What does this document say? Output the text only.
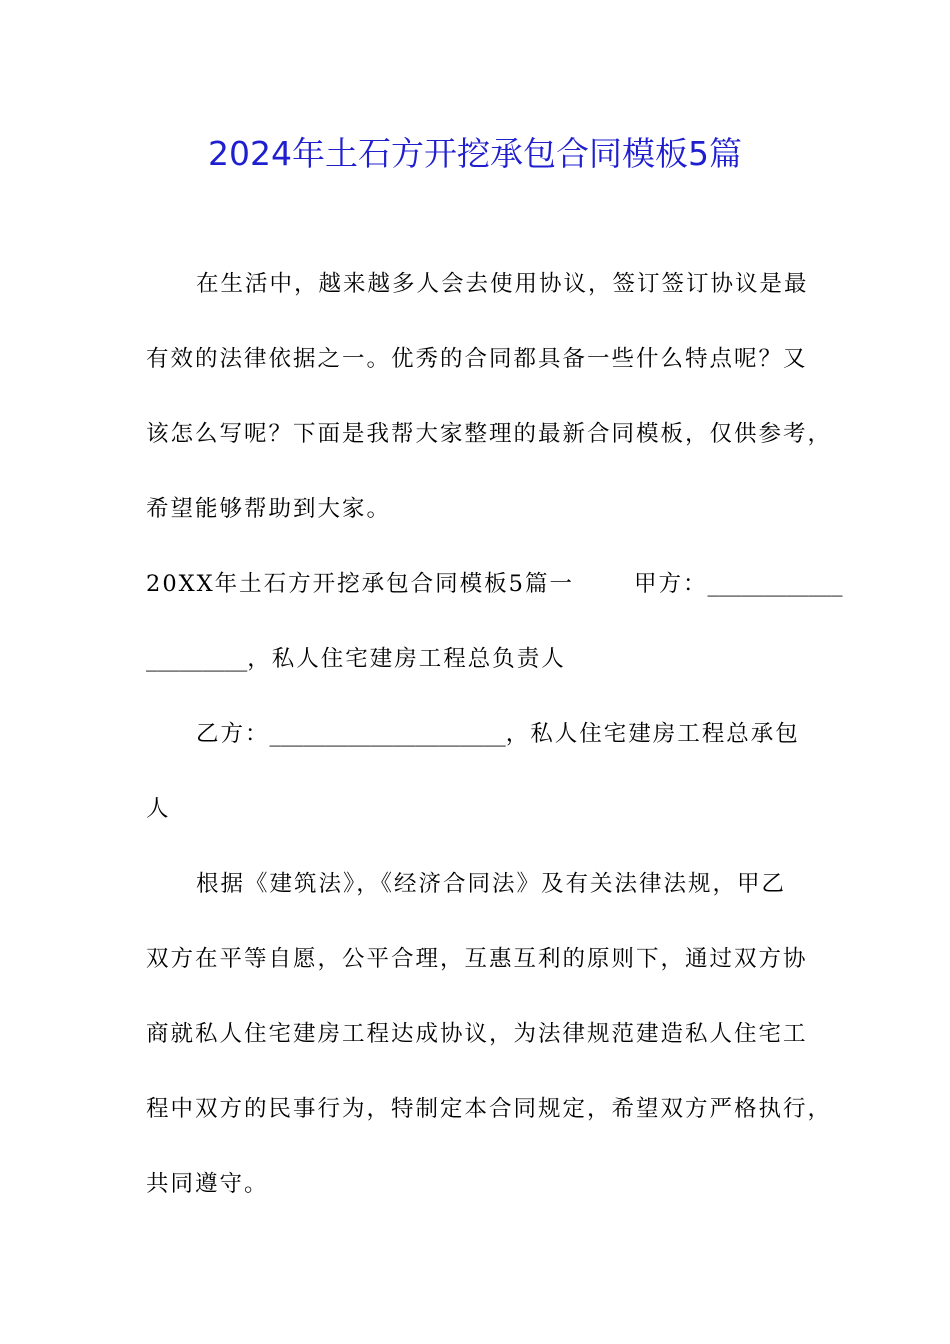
2024年土石方开挖承包合同模板5篇
在生活中，越来越多人会去使用协议，签订签订协议是最
有效的法律依据之一。优秀的合同都具备一些什么特点呢？又
该怎么写呢？下面是我帮大家整理的最新合同模板，仅供参考，
希望能够帮助到大家。
20XX年土石方开挖承包合同模板5篇一	甲方：____________
_________，私人住宅建房工程总负责人
乙方：_____________________，私人住宅建房工程总承包
人
根据《建筑法》，《经济合同法》及有关法律法规，甲乙
双方在平等自愿，公平合理，互惠互利的原则下，通过双方协
商就私人住宅建房工程达成协议，为法律规范建造私人住宅工
程中双方的民事行为，特制定本合同规定，希望双方严格执行，
共同遵守。
